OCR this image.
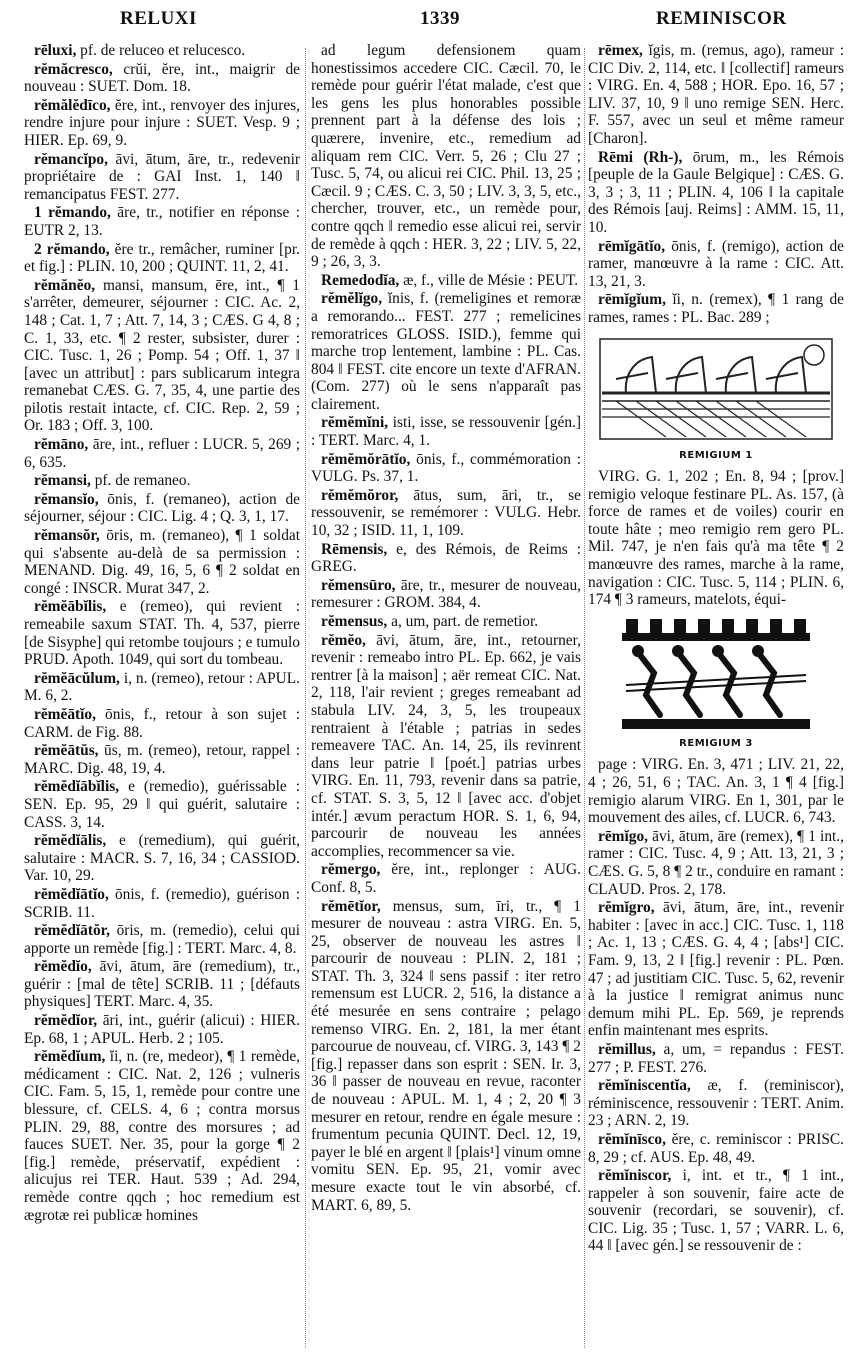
RELUXI	1339	REMINISCOR

rēluxi, pf. de reluceo et relucesco.

rĕmăcresco, crŭi, ĕre, int., maigrir de nouveau : SUET. Dom. 18.

rĕmălĕdīco, ĕre, int., renvoyer des injures, rendre injure pour injure : SUET. Vesp. 9 ; HIER. Ep. 69, 9.

rĕmancĭpo, āvi, ātum, āre, tr., redevenir propriétaire de : GAI Inst. 1, 140 ‖ remancipatus FEST. 277.

1 rĕmando, āre, tr., notifier en réponse : EUTR 2, 13.

2 rĕmando, ĕre tr., remâcher, ruminer [pr. et fig.] : PLIN. 10, 200 ; QUINT. 11, 2, 41.

rĕmănĕo, mansi, mansum, ēre, int., ¶ 1 s'arrêter, demeurer, séjourner : CIC. Ac. 2, 148 ; Cat. 1, 7 ; Att. 7, 14, 3 ; CÆS. G 4, 8 ; C. 1, 33, etc. ¶ 2 rester, subsister, durer : CIC. Tusc. 1, 26 ; Pomp. 54 ; Off. 1, 37 ‖ [avec un attribut] : pars sublicarum integra remanebat CÆS. G. 7, 35, 4, une partie des pilotis restait intacte, cf. CIC. Rep. 2, 59 ; Or. 183 ; Off. 3, 100.

rĕmāno, āre, int., refluer : LUCR. 5, 269 ; 6, 635.

rĕmansi, pf. de remaneo.

rĕmansĭo, ōnis, f. (remaneo), action de séjourner, séjour : CIC. Lig. 4 ; Q. 3, 1, 17.

rĕmansŏr, ōris, m. (remaneo), ¶ 1 soldat qui s'absente au-delà de sa permission : MENAND. Dig. 49, 16, 5, 6 ¶ 2 soldat en congé : INSCR. Murat 347, 2.

rĕmĕābĭlis, e (remeo), qui revient : remeabile saxum STAT. Th. 4, 537, pierre [de Sisyphe] qui retombe toujours ; e tumulo PRUD. Apoth. 1049, qui sort du tombeau.

rĕmĕācŭlum, i, n. (remeo), retour : APUL. M. 6, 2.

rĕmĕātĭo, ōnis, f., retour à son sujet : CARM. de Fig. 88.

rĕmĕātŭs, ūs, m. (remeo), retour, rappel : MARC. Dig. 48, 19, 4.

rĕmĕdĭābĭlis, e (remedio), guérissable : SEN. Ep. 95, 29 ‖ qui guérit, salutaire : CASS. 3, 14.

rĕmĕdĭālis, e (remedium), qui guérit, salutaire : MACR. S. 7, 16, 34 ; CASSIOD. Var. 10, 29.

rĕmĕdĭātĭo, ōnis, f. (remedio), guérison : SCRIB. 11.

rĕmĕdĭātŏr, ōris, m. (remedio), celui qui apporte un remède [fig.] : TERT. Marc. 4, 8.

rĕmĕdĭo, āvi, ātum, āre (remedium), tr., guérir : [mal de tête] SCRIB. 11 ; [défauts physiques] TERT. Marc. 4, 35.

rĕmĕdĭor, āri, int., guérir (alicui) : HIER. Ep. 68, 1 ; APUL. Herb. 2 ; 105.

rĕmĕdĭum, ĭi, n. (re, medeor), ¶ 1 remède, médicament : CIC. Nat. 2, 126 ; vulneris CIC. Fam. 5, 15, 1, remède pour contre une blessure, cf. CELS. 4, 6 ; contra morsus PLIN. 29, 88, contre des morsures ; ad fauces SUET. Ner. 35, pour la gorge ¶ 2 [fig.] remède, préservatif, expédient : alicujus rei TER. Haut. 539 ; Ad. 294, remède contre qqch ; hoc remedium est ægrotæ rei publicæ homines

ad legum defensionem quam honestissimos accedere CIC. Cæcil. 70, le remède pour guérir l'état malade, c'est que les gens les plus honorables possible prennent part à la défense des lois ; quærere, invenire, etc., remedium ad aliquam rem CIC. Verr. 5, 26 ; Clu 27 ; Tusc. 5, 74, ou alicui rei CIC. Phil. 13, 25 ; Cæcil. 9 ; CÆS. C. 3, 50 ; LIV. 3, 3, 5, etc., chercher, trouver, etc., un remède pour, contre qqch ‖ remedio esse alicui rei, servir de remède à qqch : HER. 3, 22 ; LIV. 5, 22, 9 ; 26, 3, 3.

Remedodĭa, æ, f., ville de Mésie : PEUT.

rĕmĕlĭgo, ĭnis, f. (remeligines et remoræ a remorando... FEST. 277 ; remelicines remoratrices GLOSS. ISID.), femme qui marche trop lentement, lambine : PL. Cas. 804 ‖ FEST. cite encore un texte d'AFRAN. (Com. 277) où le sens n'apparaît pas clairement.

rĕmĕmĭni, isti, isse, se ressouvenir [gén.] : TERT. Marc. 4, 1.

rĕmĕmŏrātĭo, ōnis, f., commémoration : VULG. Ps. 37, 1.

rĕmĕmŏror, ātus, sum, āri, tr., se ressouvenir, se remémorer : VULG. Hebr. 10, 32 ; ISID. 11, 1, 109.

Rēmensis, e, des Rémois, de Reims : GREG.

rĕmensūro, āre, tr., mesurer de nouveau, remesurer : GROM. 384, 4.

rĕmensus, a, um, part. de remetior.

rĕmĕo, āvi, ātum, āre, int., retourner, revenir : remeabo intro PL. Ep. 662, je vais rentrer [à la maison] ; aër remeat CIC. Nat. 2, 118, l'air revient ; greges remeabant ad stabula LIV. 24, 3, 5, les troupeaux rentraient à l'étable ; patrias in sedes remeavere TAC. An. 14, 25, ils revinrent dans leur patrie ‖ [poét.] patrias urbes VIRG. En. 11, 793, revenir dans sa patrie, cf. STAT. S. 3, 5, 12 ‖ [avec acc. d'objet intér.] ævum peractum HOR. S. 1, 6, 94, parcourir de nouveau les années accomplies, recommencer sa vie.

rĕmergo, ĕre, int., replonger : AUG. Conf. 8, 5.

rĕmētĭor, mensus, sum, īri, tr., ¶ 1 mesurer de nouveau : astra VIRG. En. 5, 25, observer de nouveau les astres ‖ parcourir de nouveau : PLIN. 2, 181 ; STAT. Th. 3, 324 ‖ sens passif : iter retro remensum est LUCR. 2, 516, la distance a été mesurée en sens contraire ; pelago remenso VIRG. En. 2, 181, la mer étant parcourue de nouveau, cf. VIRG. 3, 143 ¶ 2 [fig.] repasser dans son esprit : SEN. Ir. 3, 36 ‖ passer de nouveau en revue, raconter de nouveau : APUL. M. 1, 4 ; 2, 20 ¶ 3 mesurer en retour, rendre en égale mesure : frumentum pecunia QUINT. Decl. 12, 19, payer le blé en argent ‖ [plais¹] vinum omne vomitu SEN. Ep. 95, 21, vomir avec mesure exacte tout le vin absorbé, cf. MART. 6, 89, 5.

rēmex, ĭgis, m. (remus, ago), rameur : CIC Div. 2, 114, etc. ‖ [collectif] rameurs : VIRG. En. 4, 588 ; HOR. Epo. 16, 57 ; LIV. 37, 10, 9 ‖ uno remige SEN. Herc. F. 557, avec un seul et même rameur [Charon].

Rēmi (Rh-), ōrum, m., les Rémois [peuple de la Gaule Belgique] : CÆS. G. 3, 3 ; 3, 11 ; PLIN. 4, 106 ‖ la capitale des Rémois [auj. Reims] : AMM. 15, 11, 10.

rēmĭgātĭo, ōnis, f. (remigo), action de ramer, manœuvre à la rame : CIC. Att. 13, 21, 3.

rēmĭgĭum, ĭi, n. (remex), ¶ 1 rang de rames, rames : PL. Bac. 289 ;

REMIGIUM 1

VIRG. G. 1, 202 ; En. 8, 94 ; [prov.] remigio veloque festinare PL. As. 157, (à force de rames et de voiles) courir en toute hâte ; meo remigio rem gero PL. Mil. 747, je n'en fais qu'à ma tête ¶ 2 manœuvre des rames, marche à la rame, navigation : CIC. Tusc. 5, 114 ; PLIN. 6, 174 ¶ 3 rameurs, matelots, équi-

REMIGIUM 3

page : VIRG. En. 3, 471 ; LIV. 21, 22, 4 ; 26, 51, 6 ; TAC. An. 3, 1 ¶ 4 [fig.] remigio alarum VIRG. En 1, 301, par le mouvement des ailes, cf. LUCR. 6, 743.

rēmĭgo, āvi, ātum, āre (remex), ¶ 1 int., ramer : CIC. Tusc. 4, 9 ; Att. 13, 21, 3 ; CÆS. G. 5, 8 ¶ 2 tr., conduire en ramant : CLAUD. Pros. 2, 178.

rĕmĭgro, āvi, ātum, āre, int., revenir habiter : [avec in acc.] CIC. Tusc. 1, 118 ; Ac. 1, 13 ; CÆS. G. 4, 4 ; [abs¹] CIC. Fam. 9, 13, 2 ‖ [fig.] revenir : PL. Pœn. 47 ; ad justitiam CIC. Tusc. 5, 62, revenir à la justice ‖ remigrat animus nunc demum mihi PL. Ep. 569, je reprends enfin maintenant mes esprits.

rĕmillus, a, um, = repandus : FEST. 277 ; P. FEST. 276.

rĕmĭniscentĭa, æ, f. (reminiscor), réminiscence, ressouvenir : TERT. Anim. 23 ; ARN. 2, 19.

rĕmĭnīsco, ĕre, c. reminiscor : PRISC. 8, 29 ; cf. AUS. Ep. 48, 49.

rĕmĭniscor, i, int. et tr., ¶ 1 int., rappeler à son souvenir, faire acte de souvenir (recordari, se souvenir), cf. CIC. Lig. 35 ; Tusc. 1, 57 ; VARR. L. 6, 44 ‖ [avec gén.] se ressouvenir de :
